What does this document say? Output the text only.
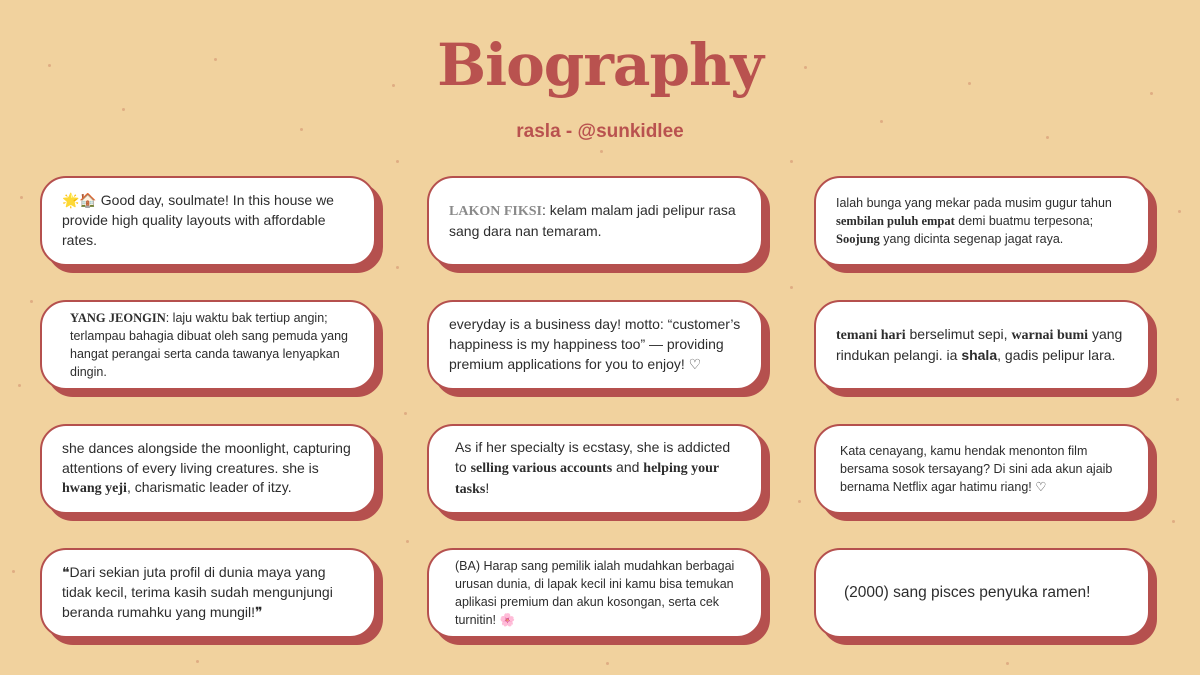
Biography
rasla - @sunkidlee
🌟🏠 Good day, soulmate! In this house we provide high quality layouts with affordable rates.
LAKON FIKSI: kelam malam jadi pelipur rasa sang dara nan temaram.
Ialah bunga yang mekar pada musim gugur tahun sembilan puluh empat demi buatmu terpesona; Soojung yang dicinta segenap jagat raya.
YANG JEONGIN: laju waktu bak tertiup angin; terlampau bahagia dibuat oleh sang pemuda yang hangat perangai serta canda tawanya lenyapkan dingin.
everyday is a business day! motto: “customer’s happiness is my happiness too” — providing premium applications for you to enjoy! ♡
temani hari berselimut sepi, warnai bumi yang rindukan pelangi. ia shala, gadis pelipur lara.
she dances alongside the moonlight, capturing attentions of every living creatures. she is hwang yeji, charismatic leader of itzy.
As if her specialty is ecstasy, she is addicted to selling various accounts and helping your tasks!
Kata cenayang, kamu hendak menonton film bersama sosok tersayang? Di sini ada akun ajaib bernama Netflix agar hatimu riang! ♡
❝Dari sekian juta profil di dunia maya yang tidak kecil, terima kasih sudah mengunjungi beranda rumahku yang mungil!❞
(BA) Harap sang pemilik ialah mudahkan berbagai urusan dunia, di lapak kecil ini kamu bisa temukan aplikasi premium dan akun kosongan, serta cek turnitin! 🌸
(2000) sang pisces penyuka ramen!
